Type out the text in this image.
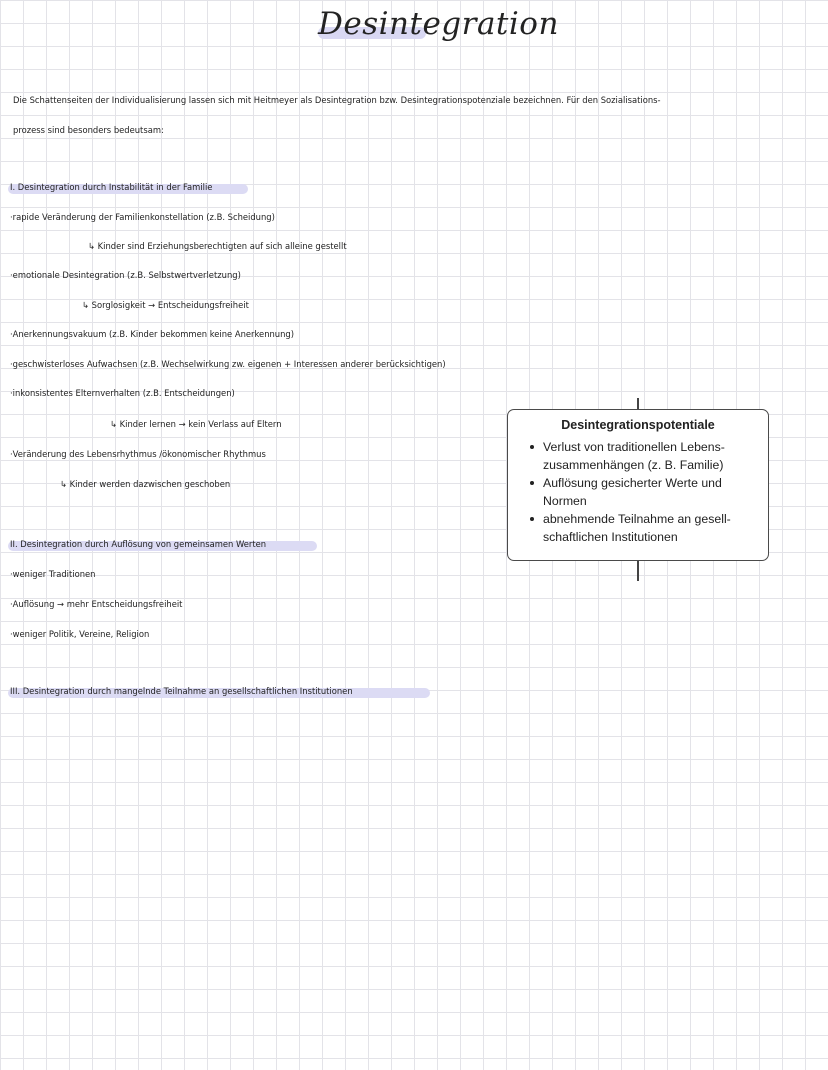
Desintegration
Die Schattenseiten der Individualisierung lassen sich mit Heitmeyer als Desintegration bzw. Desintegrationspotenziale bezeichnen. Für den Sozialisations-
prozess sind besonders bedeutsam:
I. Desintegration durch Instabilität in der Familie
·rapide Veränderung der Familienkonstellation (z.B. Scheidung)
↳ Kinder sind Erziehungsberechtigten auf sich alleine gestellt
·emotionale Desintegration (z.B. Selbstwertverletzung)
↳ Sorglosigkeit → Entscheidungsfreiheit
·Anerkennungsvakuum (z.B. Kinder bekommen keine Anerkennung)
·geschwisterloses Aufwachsen (z.B. Wechselwirkung zw. eigenen + Interessen anderer berücksichtigen)
·inkonsistentes Elternverhalten (z.B. Entscheidungen)
↳ Kinder lernen → kein Verlass auf Eltern
·Veränderung des Lebensrhythmus /ökonomischer Rhythmus
↳ Kinder werden dazwischen geschoben
II. Desintegration durch Auflösung von gemeinsamen Werten
·weniger Traditionen
·Auflösung → mehr Entscheidungsfreiheit
·weniger Politik, Vereine, Religion
III. Desintegration durch mangelnde Teilnahme an gesellschaftlichen Institutionen
Desintegrationspotentiale
Verlust von traditionellen Lebens-
zusammenhängen (z. B. Familie)
Auflösung gesicherter Werte und
Normen
abnehmende Teilnahme an gesell-
schaftlichen Institutionen
